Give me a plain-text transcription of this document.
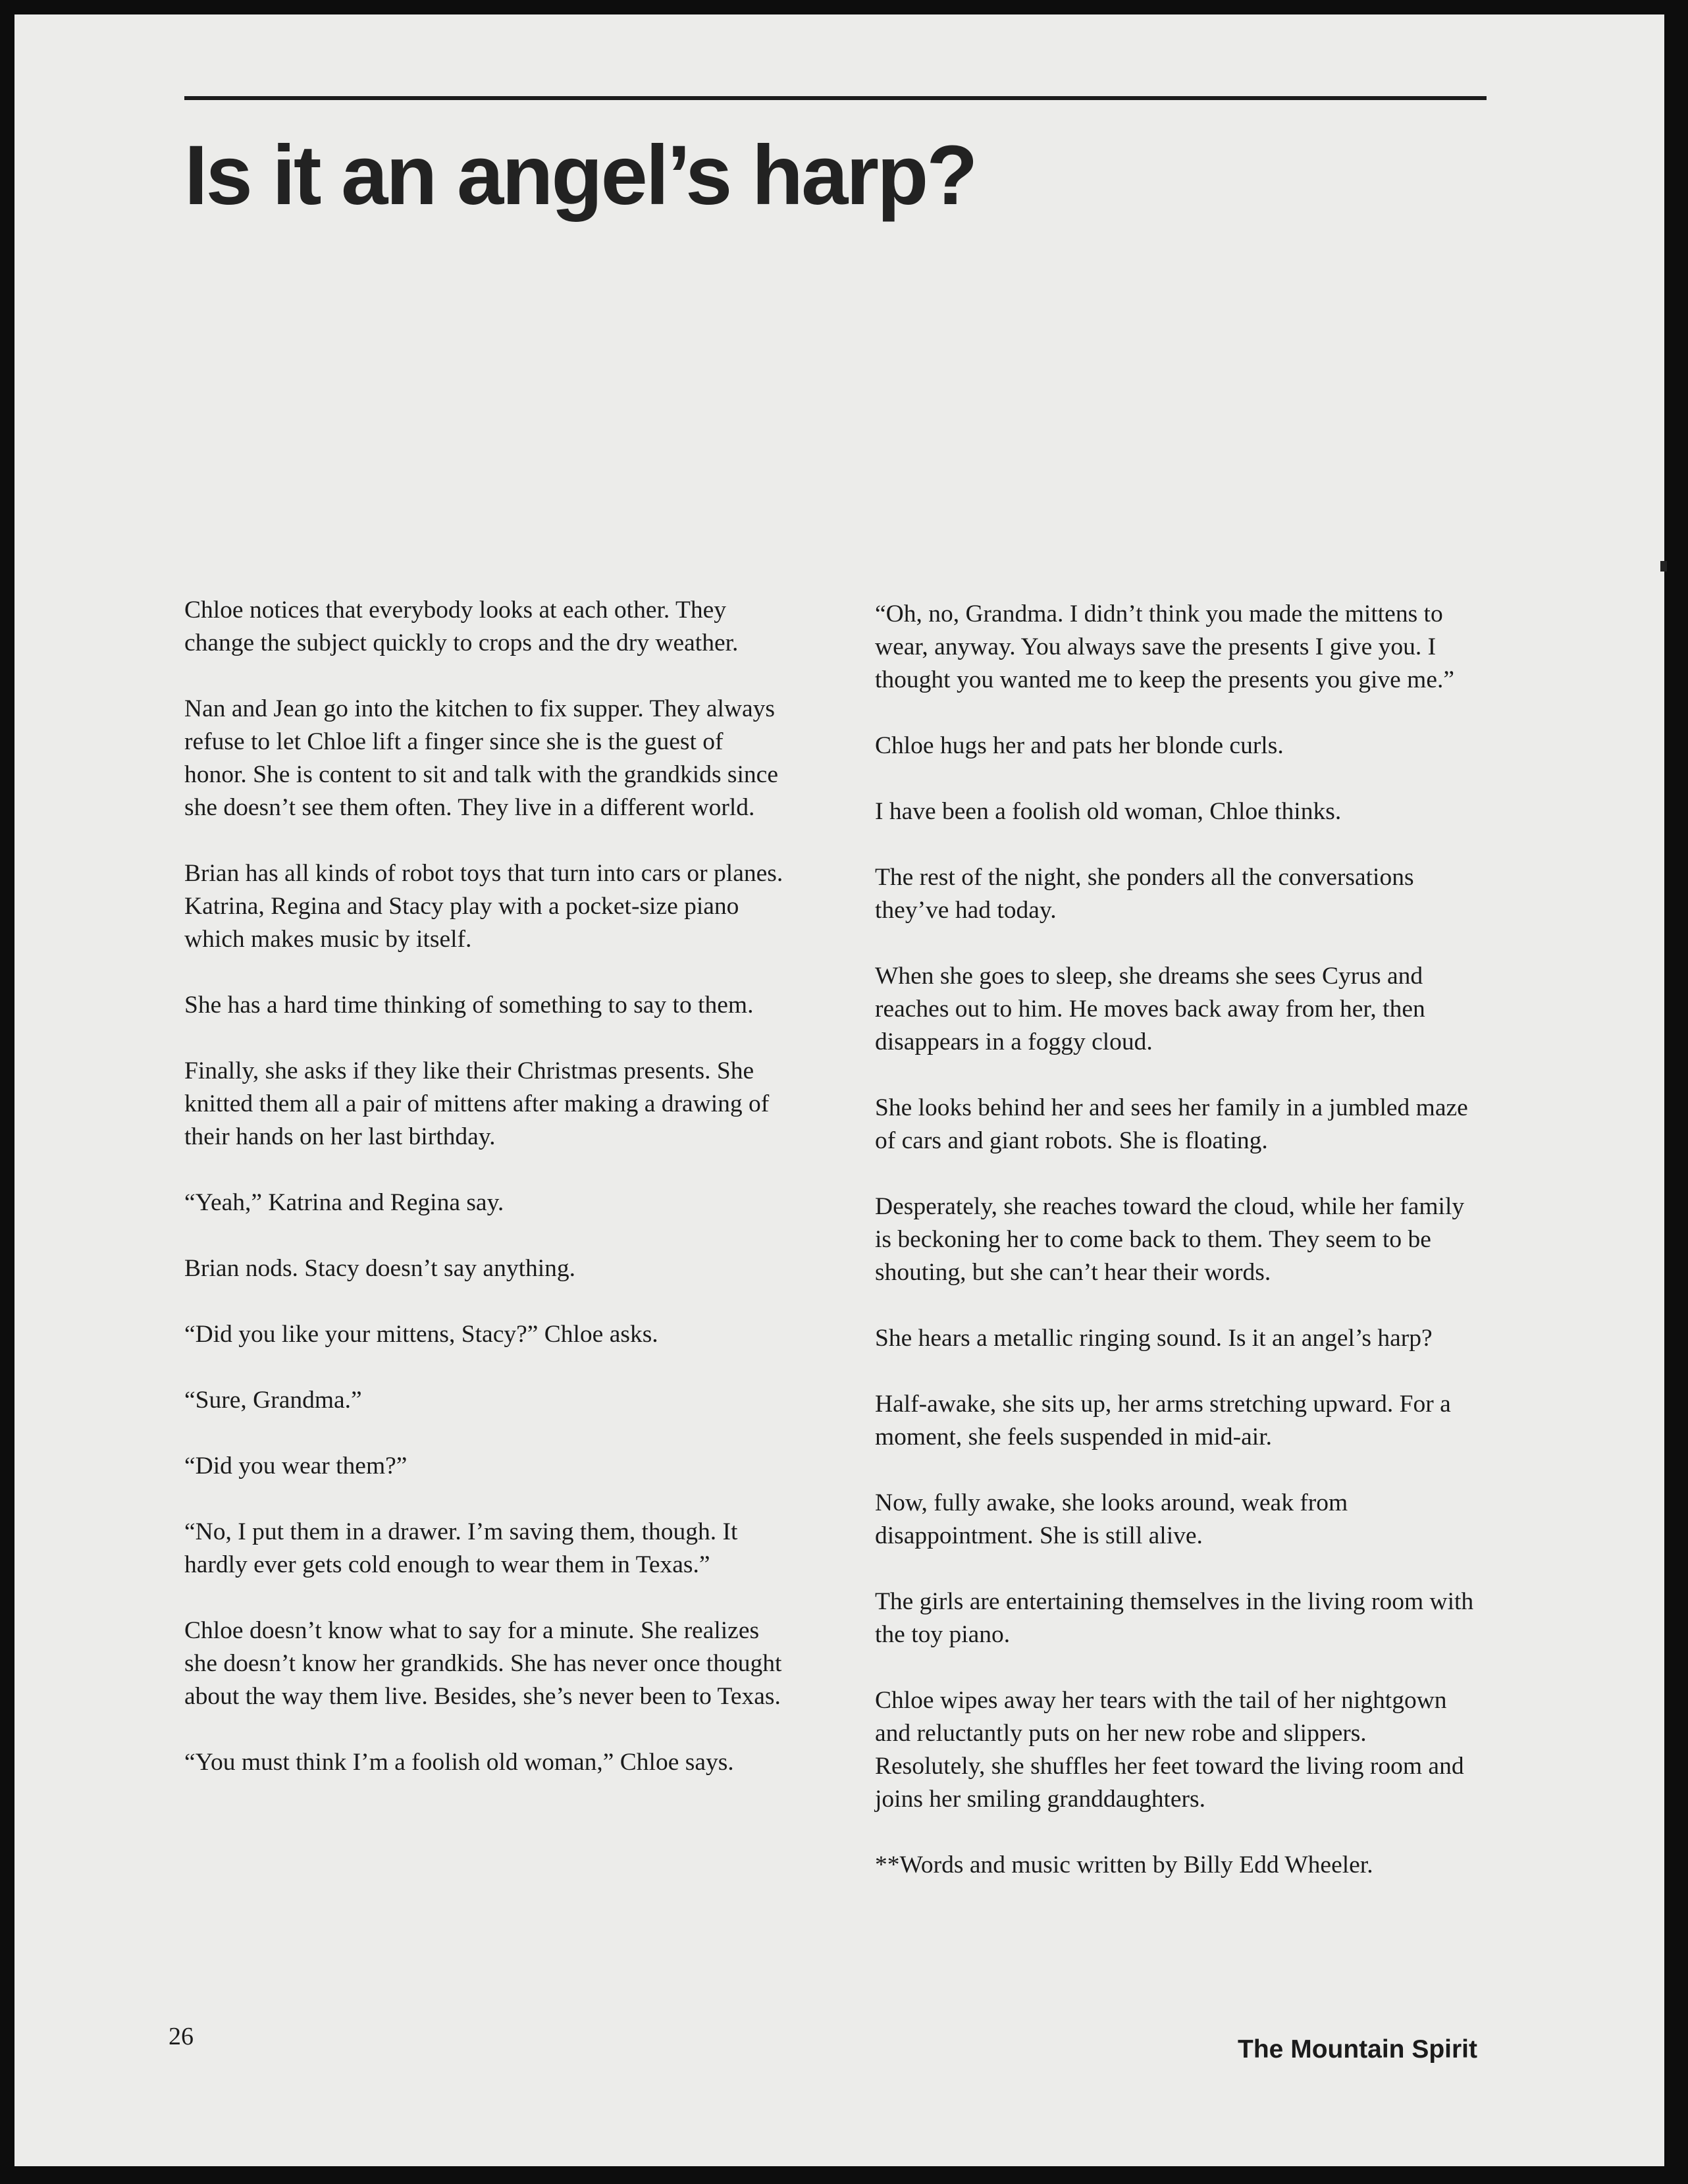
Is it an angel’s harp?

Chloe notices that everybody looks at each other. They change the subject quickly to crops and the dry weather.

Nan and Jean go into the kitchen to fix supper. They always refuse to let Chloe lift a finger since she is the guest of honor. She is content to sit and talk with the grandkids since she doesn’t see them often. They live in a different world.

Brian has all kinds of robot toys that turn into cars or planes. Katrina, Regina and Stacy play with a pocket-size piano which makes music by itself.

She has a hard time thinking of something to say to them.

Finally, she asks if they like their Christmas presents. She knitted them all a pair of mittens after making a drawing of their hands on her last birthday.

“Yeah,” Katrina and Regina say.

Brian nods. Stacy doesn’t say anything.

“Did you like your mittens, Stacy?” Chloe asks.

“Sure, Grandma.”

“Did you wear them?”

“No, I put them in a drawer. I’m saving them, though. It hardly ever gets cold enough to wear them in Texas.”

Chloe doesn’t know what to say for a minute. She realizes she doesn’t know her grandkids. She has never once thought about the way them live. Besides, she’s never been to Texas.

“You must think I’m a foolish old woman,” Chloe says.

“Oh, no, Grandma. I didn’t think you made the mittens to wear, anyway. You always save the presents I give you. I thought you wanted me to keep the presents you give me.”

Chloe hugs her and pats her blonde curls.

I have been a foolish old woman, Chloe thinks.

The rest of the night, she ponders all the conversations they’ve had today.

When she goes to sleep, she dreams she sees Cyrus and reaches out to him. He moves back away from her, then disappears in a foggy cloud.

She looks behind her and sees her family in a jumbled maze of cars and giant robots. She is floating.

Desperately, she reaches toward the cloud, while her family is beckoning her to come back to them. They seem to be shouting, but she can’t hear their words.

She hears a metallic ringing sound. Is it an angel’s harp?

Half-awake, she sits up, her arms stretching upward. For a moment, she feels suspended in mid-air.

Now, fully awake, she looks around, weak from disappointment. She is still alive.

The girls are entertaining themselves in the living room with the toy piano.

Chloe wipes away her tears with the tail of her nightgown and reluctantly puts on her new robe and slippers. Resolutely, she shuffles her feet toward the living room and joins her smiling granddaughters.

**Words and music written by Billy Edd Wheeler.

26	The Mountain Spirit
